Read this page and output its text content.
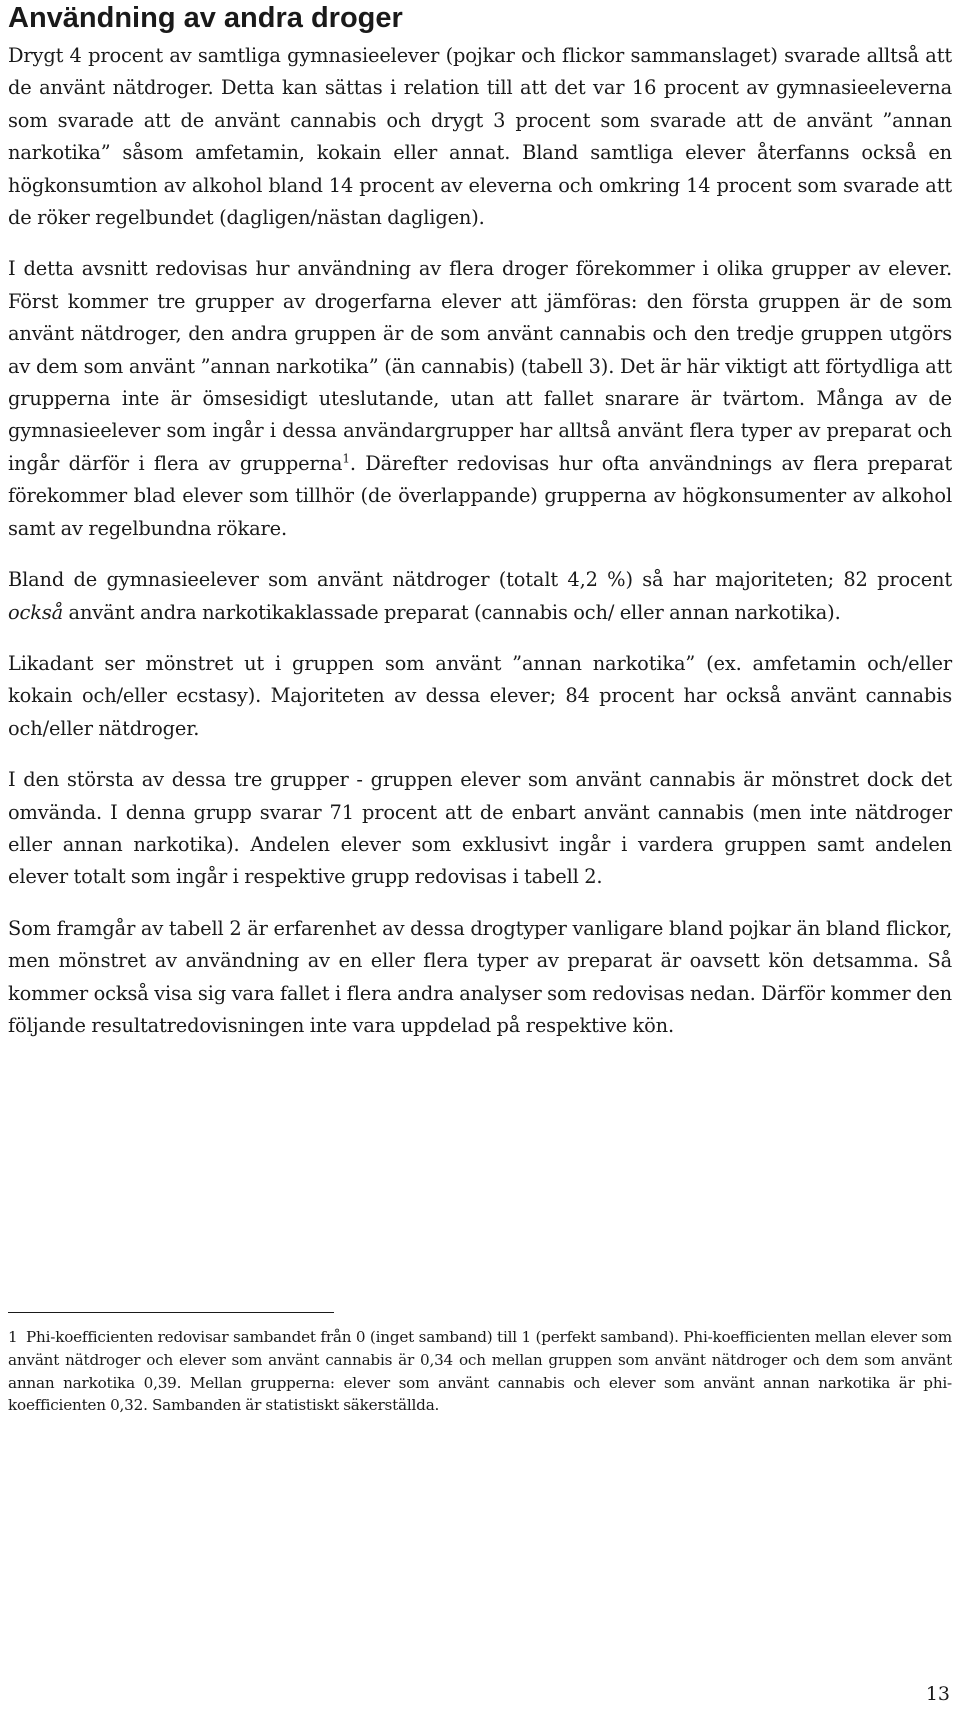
Användning av andra droger

Drygt 4 procent av samtliga gymnasieelever (pojkar och flickor sammanslaget) svarade alltså att de använt nätdroger. Detta kan sättas i relation till att det var 16 procent av gymnasieeleverna som svarade att de använt cannabis och drygt 3 procent som svarade att de använt ”annan narkotika” såsom amfetamin, kokain eller annat. Bland samtliga elever återfanns också en högkonsumtion av alkohol bland 14 procent av eleverna och omkring 14 procent som svarade att de röker regelbundet (dagligen/nästan dagligen).

I detta avsnitt redovisas hur användning av flera droger förekommer i olika grupper av elever. Först kommer tre grupper av drogerfarna elever att jämföras: den första gruppen är de som använt nätdroger, den andra gruppen är de som använt cannabis och den tredje gruppen utgörs av dem som använt ”annan narkotika” (än cannabis) (tabell 3). Det är här viktigt att förtydliga att grupperna inte är ömsesidigt uteslutande, utan att fallet snarare är tvärtom. Många av de gymnasieelever som ingår i dessa användargrupper har alltså använt flera typer av preparat och ingår därför i flera av grupperna$^1$. Därefter redovisas hur ofta användnings av flera preparat förekommer blad elever som tillhör (de överlappande) grupperna av högkonsumenter av alkohol samt av regelbundna rökare.

Bland de gymnasieelever som använt nätdroger (totalt 4,2 %) så har majoriteten; 82 procent också använt andra narkotikaklassade preparat (cannabis och/ eller annan narkotika).

Likadant ser mönstret ut i gruppen som använt ”annan narkotika” (ex. amfetamin och/eller kokain och/eller ecstasy). Majoriteten av dessa elever; 84 procent har också använt cannabis och/eller nätdroger.

I den största av dessa tre grupper - gruppen elever som använt cannabis är mönstret dock det omvända. I denna grupp svarar 71 procent att de enbart använt cannabis (men inte nätdroger eller annan narkotika). Andelen elever som exklusivt ingår i vardera gruppen samt andelen elever totalt som ingår i respektive grupp redovisas i tabell 2.

Som framgår av tabell 2 är erfarenhet av dessa drogtyper vanligare bland pojkar än bland flickor, men mönstret av användning av en eller flera typer av preparat är oavsett kön detsamma. Så kommer också visa sig vara fallet i flera andra analyser som redovisas nedan. Därför kommer den följande resultatredovisningen inte vara uppdelad på respektive kön.

1 Phi-koefficienten redovisar sambandet från 0 (inget samband) till 1 (perfekt samband). Phi-koefficienten mellan elever som använt nätdroger och elever som använt cannabis är 0,34 och mellan gruppen som använt nätdroger och dem som använt annan narkotika 0,39. Mellan grupperna: elever som använt cannabis och elever som använt annan narkotika är phi-koefficienten 0,32. Sambanden är statistiskt säkerställda.
13
